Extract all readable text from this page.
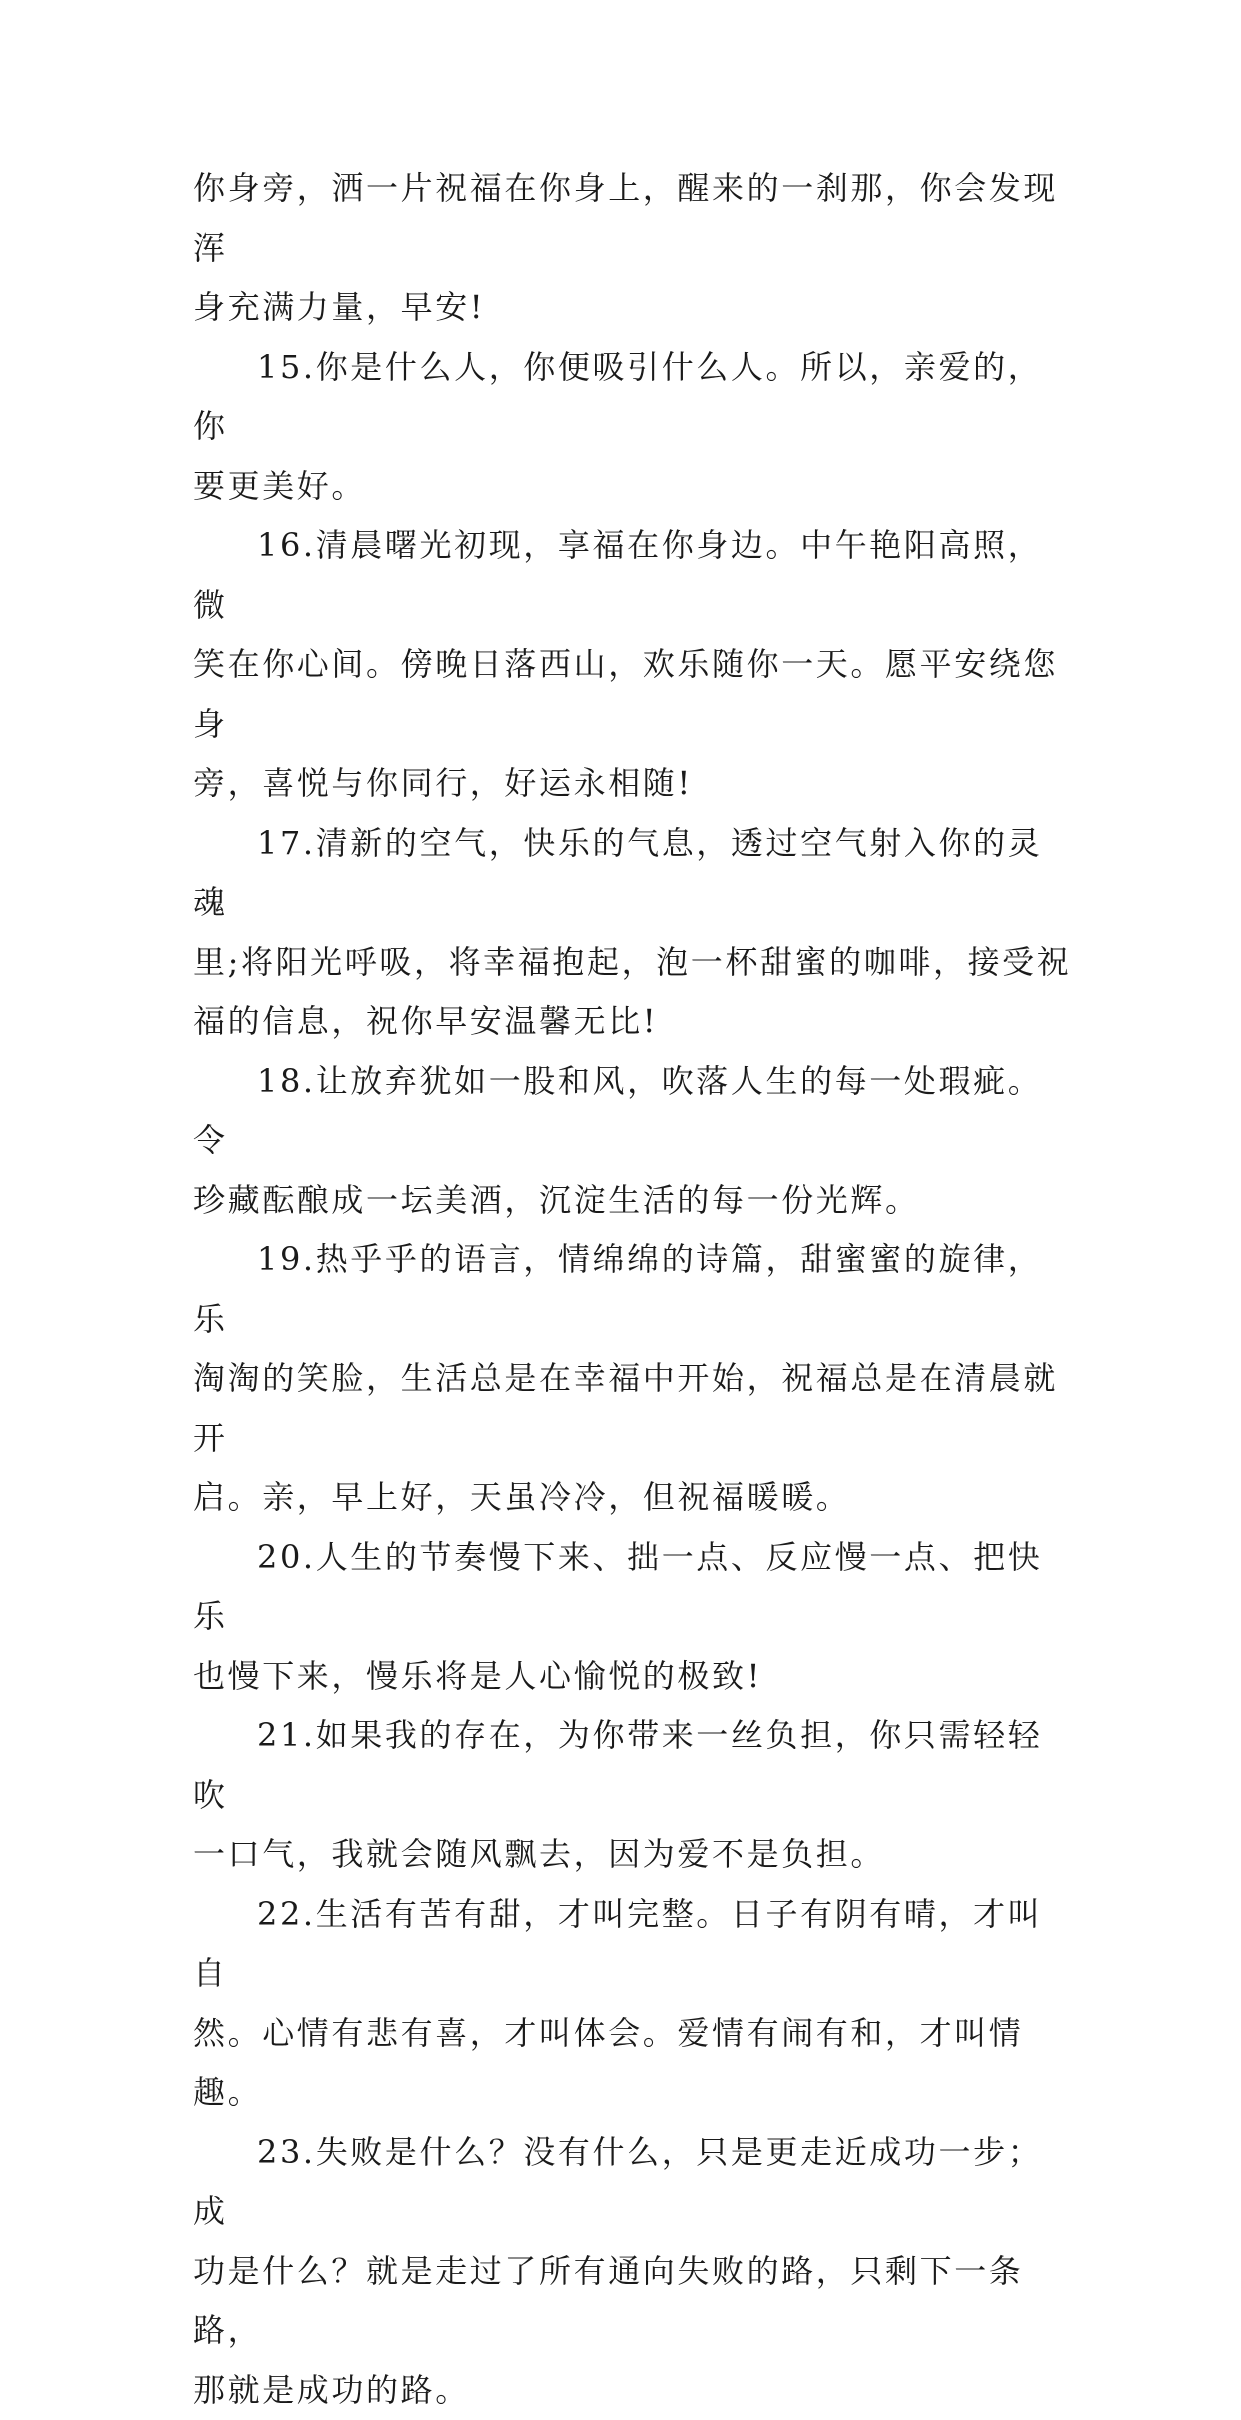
你身旁，洒一片祝福在你身上，醒来的一刹那，你会发现浑
身充满力量，早安!

15.你是什么人，你便吸引什么人。所以，亲爱的，你
要更美好。

16.清晨曙光初现，享福在你身边。中午艳阳高照，微
笑在你心间。傍晚日落西山，欢乐随你一天。愿平安绕您身
旁，喜悦与你同行，好运永相随!

17.清新的空气，快乐的气息，透过空气射入你的灵魂
里;将阳光呼吸，将幸福抱起，泡一杯甜蜜的咖啡，接受祝
福的信息，祝你早安温馨无比!

18.让放弃犹如一股和风，吹落人生的每一处瑕疵。令
珍藏酝酿成一坛美酒，沉淀生活的每一份光辉。

19.热乎乎的语言，情绵绵的诗篇，甜蜜蜜的旋律，乐
淘淘的笑脸，生活总是在幸福中开始，祝福总是在清晨就开
启。亲，早上好，天虽冷冷，但祝福暖暖。

20.人生的节奏慢下来、拙一点、反应慢一点、把快乐
也慢下来，慢乐将是人心愉悦的极致!

21.如果我的存在，为你带来一丝负担，你只需轻轻吹
一口气，我就会随风飘去，因为爱不是负担。

22.生活有苦有甜，才叫完整。日子有阴有晴，才叫自
然。心情有悲有喜，才叫体会。爱情有闹有和，才叫情趣。

23.失败是什么？没有什么，只是更走近成功一步；成
功是什么？就是走过了所有通向失败的路，只剩下一条路，
那就是成功的路。
